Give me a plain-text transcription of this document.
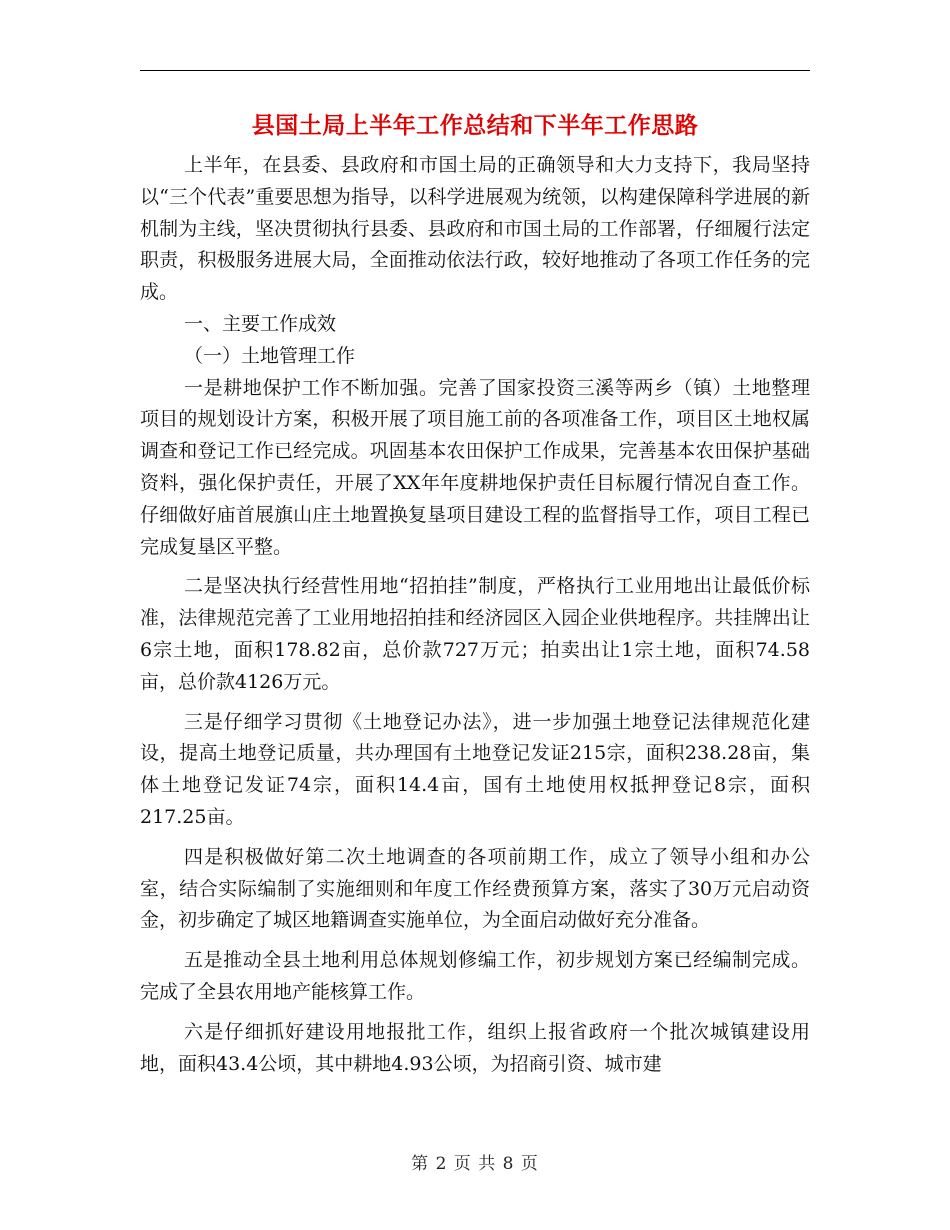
县国土局上半年工作总结和下半年工作思路

上半年，在县委、县政府和市国土局的正确领导和大力支持下，我局坚持以“三个代表”重要思想为指导，以科学进展观为统领，以构建保障科学进展的新机制为主线，坚决贯彻执行县委、县政府和市国土局的工作部署，仔细履行法定职责，积极服务进展大局，全面推动依法行政，较好地推动了各项工作任务的完成。

一、主要工作成效

（一）土地管理工作

一是耕地保护工作不断加强。完善了国家投资三溪等两乡（镇）土地整理项目的规划设计方案，积极开展了项目施工前的各项准备工作，项目区土地权属调查和登记工作已经完成。巩固基本农田保护工作成果，完善基本农田保护基础资料，强化保护责任，开展了XX年年度耕地保护责任目标履行情况自查工作。仔细做好庙首展旗山庄土地置换复垦项目建设工程的监督指导工作，项目工程已完成复垦区平整。

二是坚决执行经营性用地“招拍挂”制度，严格执行工业用地出让最低价标准，法律规范完善了工业用地招拍挂和经济园区入园企业供地程序。共挂牌出让6宗土地，面积178.82亩，总价款727万元；拍卖出让1宗土地，面积74.58亩，总价款4126万元。

三是仔细学习贯彻《土地登记办法》，进一步加强土地登记法律规范化建设，提高土地登记质量，共办理国有土地登记发证215宗，面积238.28亩，集体土地登记发证74宗，面积14.4亩，国有土地使用权抵押登记8宗，面积217.25亩。

四是积极做好第二次土地调查的各项前期工作，成立了领导小组和办公室，结合实际编制了实施细则和年度工作经费预算方案，落实了30万元启动资金，初步确定了城区地籍调查实施单位，为全面启动做好充分准备。

五是推动全县土地利用总体规划修编工作，初步规划方案已经编制完成。完成了全县农用地产能核算工作。

六是仔细抓好建设用地报批工作，组织上报省政府一个批次城镇建设用地，面积43.4公顷，其中耕地4.93公顷，为招商引资、城市建

第 2 页 共 8 页
